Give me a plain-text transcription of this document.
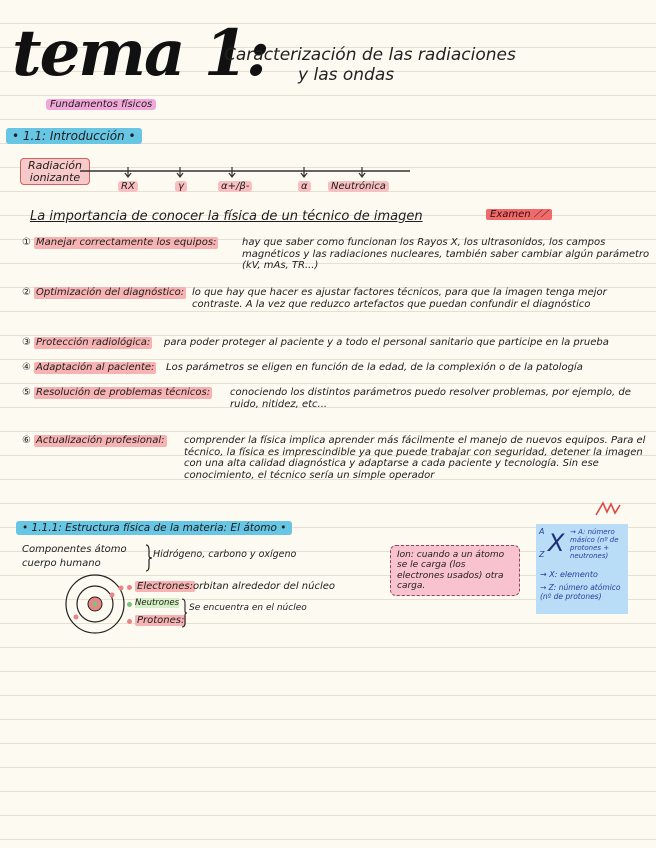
tema 1:
Caracterización de las radiaciones
y las ondas
Fundamentos físicos
• 1.1: Introducción •
Radiación ionizante
RX	γ	α+/β-	α	Neutrónica
La importancia de conocer la física de un técnico de imagen	Examen ⟋⟋
① Manejar correctamente los equipos:	hay que saber como funcionan los Rayos X, los ultrasonidos, los campos magnéticos y las radiaciones nucleares, también saber cambiar algún parámetro (kV, mAs, TR...)
② Optimización del diagnóstico: lo que hay que hacer es ajustar factores técnicos, para que la imagen tenga mejor contraste. A la vez que reduzco artefactos que puedan confundir el diagnóstico
③ Protección radiológica: para poder proteger al paciente y a todo el personal sanitario que participe en la prueba
④ Adaptación al paciente: Los parámetros se eligen en función de la edad, de la complexión o de la patología
⑤ Resolución de problemas técnicos: conociendo los distintos parámetros puedo resolver problemas, por ejemplo, de ruido, nitidez, etc...
⑥ Actualización profesional: comprender la física implica aprender más fácilmente el manejo de nuevos equipos. Para el técnico, la física es imprescindible ya que puede trabajar con seguridad, detener la imagen con una alta calidad diagnóstica y adaptarse a cada paciente y tecnología. Sin ese conocimiento, el técnico sería un simple operador
• 1.1.1: Estructura física de la materia: El átomo •
Componentes átomo
cuerpo humano
Hidrógeno, carbono y oxígeno
Electrones: orbitan alrededor del núcleo
Neutrones
Protones:
Se encuentra en el núcleo
Ion: cuando a un átomo se le carga (los electrones usados) otra carga.
A
Z X → A: número másico (nº de protones + neutrones)
→ X: elemento
→ Z: número atómico (nº de protones)
